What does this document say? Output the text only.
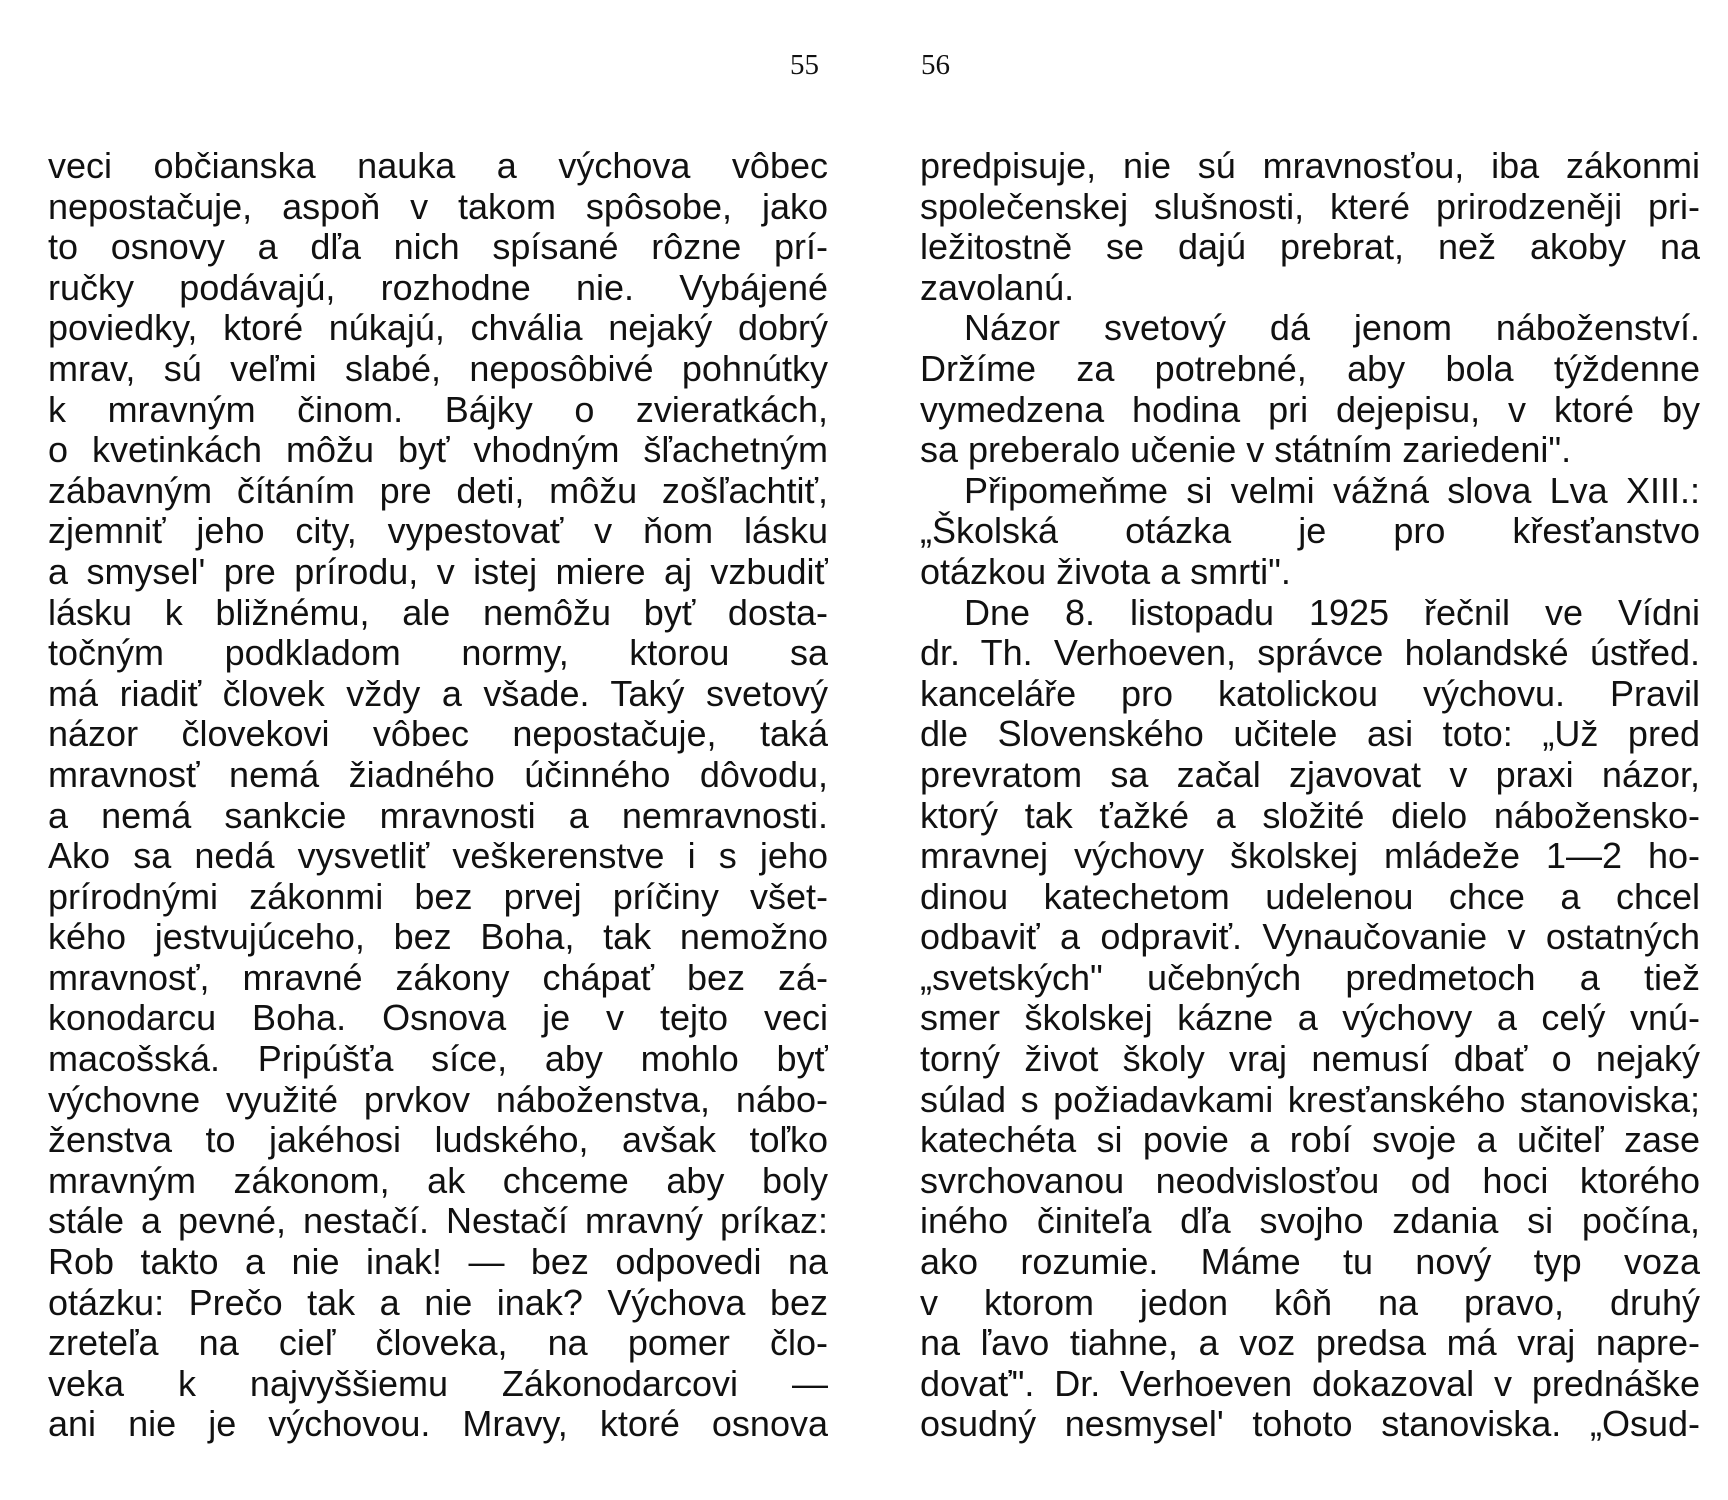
55	56
veci občianska nauka a výchova vôbec
nepostačuje, aspoň v takom spôsobe, jako
to osnovy a dľa nich spísané rôzne prí-
ručky podávajú, rozhodne nie. Vybájené
poviedky, ktoré núkajú, chvália nejaký dobrý
mrav, sú veľmi slabé, neposôbivé pohnútky
k mravným činom. Bájky o zvieratkách,
o kvetinkách môžu byť vhodným šľachetným
zábavným čítáním pre deti, môžu zošľachtiť,
zjemniť jeho city, vypestovať v ňom lásku
a smysel' pre prírodu, v istej miere aj vzbudiť
lásku k bližnému, ale nemôžu byť dosta-
točným podkladom normy, ktorou sa
má riadiť človek vždy a všade. Taký svetový
názor človekovi vôbec nepostačuje, taká
mravnosť nemá žiadného účinného dôvodu,
a nemá sankcie mravnosti a nemravnosti.
Ako sa nedá vysvetliť veškerenstve i s jeho
prírodnými zákonmi bez prvej príčiny všet-
kého jestvujúceho, bez Boha, tak nemožno
mravnosť, mravné zákony chápať bez zá-
konodarcu Boha. Osnova je v tejto veci
macošská. Pripúšťa síce, aby mohlo byť
výchovne využité prvkov náboženstva, nábo-
ženstva to jakéhosi ludského, avšak toľko
mravným zákonom, ak chceme aby boly
stále a pevné, nestačí. Nestačí mravný príkaz:
Rob takto a nie inak! — bez odpovedi na
otázku: Prečo tak a nie inak? Výchova bez
zreteľa na cieľ človeka, na pomer člo-
veka k najvyššiemu Zákonodarcovi —
ani nie je výchovou. Mravy, ktoré osnova
predpisuje, nie sú mravnosťou, iba zákonmi
společenskej slušnosti, které prirodzeněji pri-
ležitostně se dajú prebrat, než akoby na
zavolanú.
Názor svetový dá jenom náboženství.
Držíme za potrebné, aby bola týždenne
vymedzena hodina pri dejepisu, v ktoré by
sa preberalo učenie v státním zariedeni".
Připomeňme si velmi vážná slova Lva XIII.:
„Školská otázka je pro křesťanstvo
otázkou života a smrti".
Dne 8. listopadu 1925 řečnil ve Vídni
dr. Th. Verhoeven, správce holandské ústřed.
kanceláře pro katolickou výchovu. Pravil
dle Slovenského učitele asi toto: „Už pred
prevratom sa začal zjavovat v praxi názor,
ktorý tak ťažké a složité dielo nábožensko-
mravnej výchovy školskej mládeže 1—2 ho-
dinou katechetom udelenou chce a chcel
odbaviť a odpraviť. Vynaučovanie v ostatných
„svetských" učebných predmetoch a tiež
smer školskej kázne a výchovy a celý vnú-
torný život školy vraj nemusí dbať o nejaký
súlad s požiadavkami kresťanského stanoviska;
katechéta si povie a robí svoje a učiteľ zase
svrchovanou neodvislosťou od hoci ktorého
iného činiteľa dľa svojho zdania si počína,
ako rozumie. Máme tu nový typ voza
v ktorom jedon kôň na pravo, druhý
na ľavo tiahne, a voz predsa má vraj napre-
dovať". Dr. Verhoeven dokazoval v prednáške
osudný nesmysel' tohoto stanoviska. „Osud-
